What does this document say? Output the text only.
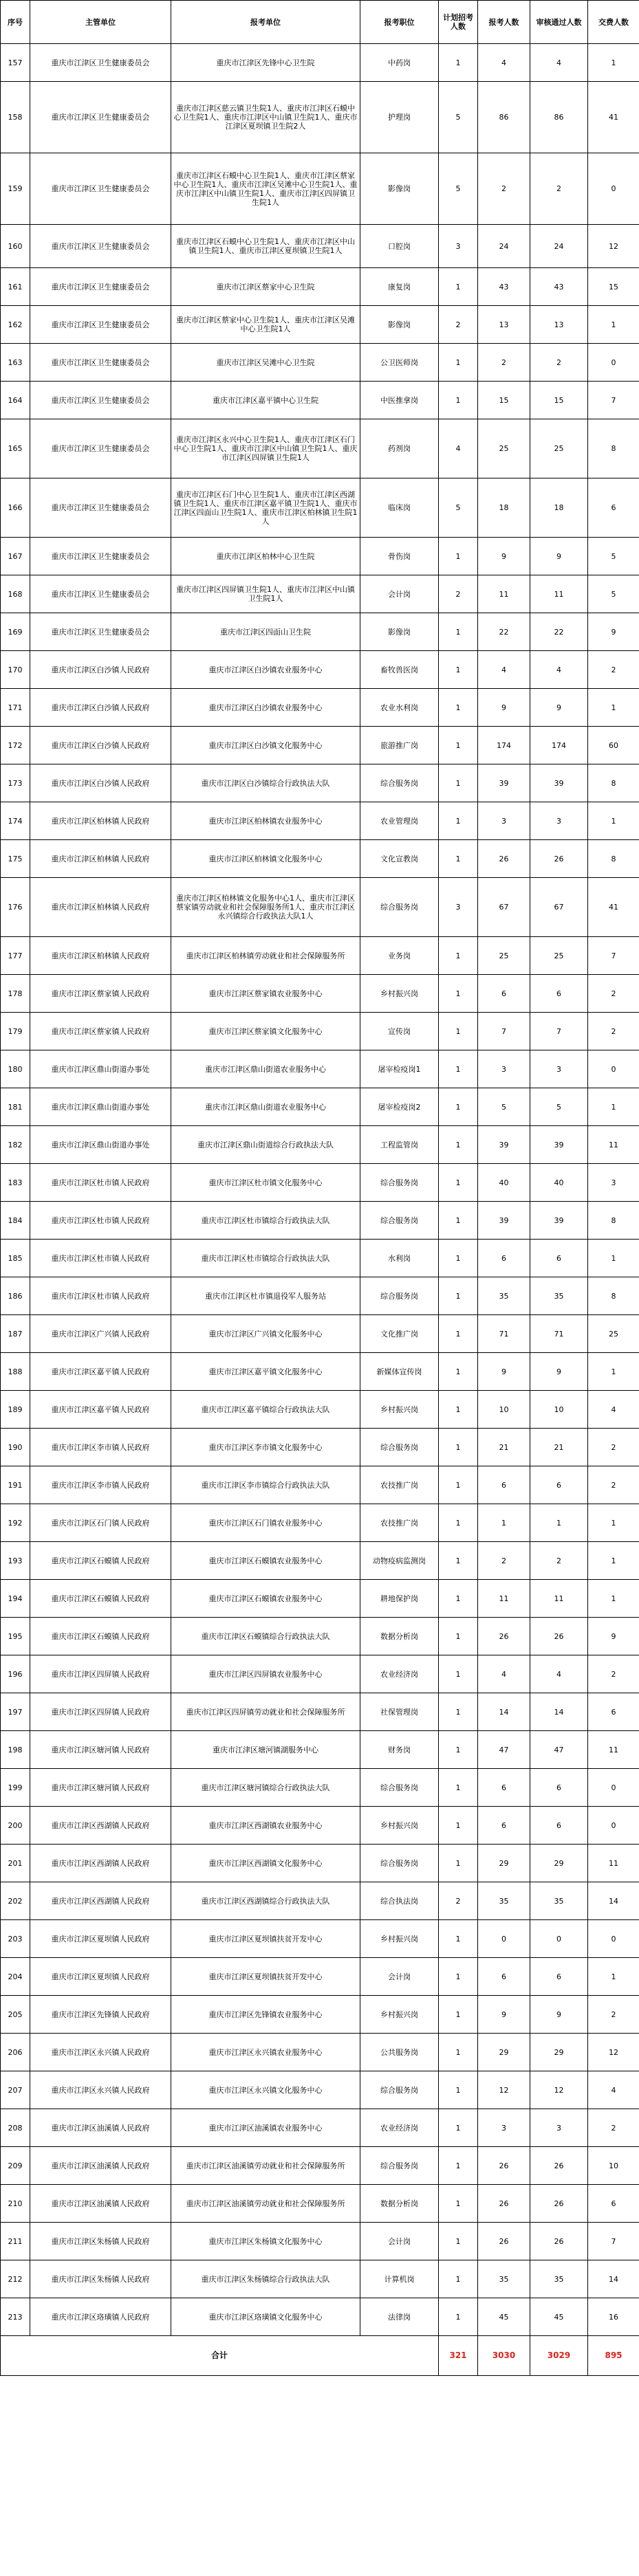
序号	主管单位	报考单位	报考职位	计划招考人数	报考人数	审核通过人数	交费人数
157	重庆市江津区卫生健康委员会	重庆市江津区先锋中心卫生院	中药岗	1	4	4	1
158	重庆市江津区卫生健康委员会	重庆市江津区慈云镇卫生院1人、重庆市江津区石蟆中心卫生院1人、重庆市江津区中山镇卫生院1人、重庆市江津区夏坝镇卫生院2人	护理岗	5	86	86	41
159	重庆市江津区卫生健康委员会	重庆市江津区石蟆中心卫生院1人、重庆市江津区蔡家中心卫生院1人、重庆市江津区吴滩中心卫生院1人、重庆市江津区中山镇卫生院1人、重庆市江津区四屏镇卫生院1人	影像岗	5	2	2	0
160	重庆市江津区卫生健康委员会	重庆市江津区石蟆中心卫生院1人、重庆市江津区中山镇卫生院1人、重庆市江津区夏坝镇卫生院1人	口腔岗	3	24	24	12
161	重庆市江津区卫生健康委员会	重庆市江津区蔡家中心卫生院	康复岗	1	43	43	15
162	重庆市江津区卫生健康委员会	重庆市江津区蔡家中心卫生院1人、重庆市江津区吴滩中心卫生院1人	影像岗	2	13	13	1
163	重庆市江津区卫生健康委员会	重庆市江津区吴滩中心卫生院	公卫医师岗	1	2	2	0
164	重庆市江津区卫生健康委员会	重庆市江津区嘉平镇中心卫生院	中医推拿岗	1	15	15	7
165	重庆市江津区卫生健康委员会	重庆市江津区永兴中心卫生院1人、重庆市江津区石门中心卫生院1人、重庆市江津区中山镇卫生院1人、重庆市江津区四屏镇卫生院1人	药剂岗	4	25	25	8
166	重庆市江津区卫生健康委员会	重庆市江津区石门中心卫生院1人、重庆市江津区西湖镇卫生院1人、重庆市江津区嘉平镇卫生院1人、重庆市江津区四面山卫生院1人、重庆市江津区柏林镇卫生院1人	临床岗	5	18	18	6
167	重庆市江津区卫生健康委员会	重庆市江津区柏林中心卫生院	骨伤岗	1	9	9	5
168	重庆市江津区卫生健康委员会	重庆市江津区四屏镇卫生院1人、重庆市江津区中山镇卫生院1人	会计岗	2	11	11	5
169	重庆市江津区卫生健康委员会	重庆市江津区四面山卫生院	影像岗	1	22	22	9
170	重庆市江津区白沙镇人民政府	重庆市江津区白沙镇农业服务中心	畜牧兽医岗	1	4	4	2
171	重庆市江津区白沙镇人民政府	重庆市江津区白沙镇农业服务中心	农业水利岗	1	9	9	1
172	重庆市江津区白沙镇人民政府	重庆市江津区白沙镇文化服务中心	旅游推广岗	1	174	174	60
173	重庆市江津区白沙镇人民政府	重庆市江津区白沙镇综合行政执法大队	综合服务岗	1	39	39	8
174	重庆市江津区柏林镇人民政府	重庆市江津区柏林镇农业服务中心	农业管理岗	1	3	3	1
175	重庆市江津区柏林镇人民政府	重庆市江津区柏林镇文化服务中心	文化宣教岗	1	26	26	8
176	重庆市江津区柏林镇人民政府	重庆市江津区柏林镇文化服务中心1人、重庆市江津区蔡家镇劳动就业和社会保障服务所1人、重庆市江津区永兴镇综合行政执法大队1人	综合服务岗	3	67	67	41
177	重庆市江津区柏林镇人民政府	重庆市江津区柏林镇劳动就业和社会保障服务所	业务岗	1	25	25	7
178	重庆市江津区蔡家镇人民政府	重庆市江津区蔡家镇农业服务中心	乡村振兴岗	1	6	6	2
179	重庆市江津区蔡家镇人民政府	重庆市江津区蔡家镇文化服务中心	宣传岗	1	7	7	2
180	重庆市江津区鼎山街道办事处	重庆市江津区鼎山街道农业服务中心	屠宰检疫岗1	1	3	3	0
181	重庆市江津区鼎山街道办事处	重庆市江津区鼎山街道农业服务中心	屠宰检疫岗2	1	5	5	1
182	重庆市江津区鼎山街道办事处	重庆市江津区鼎山街道综合行政执法大队	工程监管岗	1	39	39	11
183	重庆市江津区杜市镇人民政府	重庆市江津区杜市镇文化服务中心	综合服务岗	1	40	40	3
184	重庆市江津区杜市镇人民政府	重庆市江津区杜市镇综合行政执法大队	综合服务岗	1	39	39	8
185	重庆市江津区杜市镇人民政府	重庆市江津区杜市镇综合行政执法大队	水利岗	1	6	6	1
186	重庆市江津区杜市镇人民政府	重庆市江津区杜市镇退役军人服务站	综合服务岗	1	35	35	8
187	重庆市江津区广兴镇人民政府	重庆市江津区广兴镇文化服务中心	文化推广岗	1	71	71	25
188	重庆市江津区嘉平镇人民政府	重庆市江津区嘉平镇文化服务中心	新媒体宣传岗	1	9	9	1
189	重庆市江津区嘉平镇人民政府	重庆市江津区嘉平镇综合行政执法大队	乡村振兴岗	1	10	10	4
190	重庆市江津区李市镇人民政府	重庆市江津区李市镇文化服务中心	综合服务岗	1	21	21	2
191	重庆市江津区李市镇人民政府	重庆市江津区李市镇综合行政执法大队	农技推广岗	1	6	6	2
192	重庆市江津区石门镇人民政府	重庆市江津区石门镇农业服务中心	农技推广岗	1	1	1	1
193	重庆市江津区石蟆镇人民政府	重庆市江津区石蟆镇农业服务中心	动物疫病监测岗	1	2	2	1
194	重庆市江津区石蟆镇人民政府	重庆市江津区石蟆镇农业服务中心	耕地保护岗	1	11	11	1
195	重庆市江津区石蟆镇人民政府	重庆市江津区石蟆镇综合行政执法大队	数据分析岗	1	26	26	9
196	重庆市江津区四屏镇人民政府	重庆市江津区四屏镇农业服务中心	农业经济岗	1	4	4	2
197	重庆市江津区四屏镇人民政府	重庆市江津区四屏镇劳动就业和社会保障服务所	社保管理岗	1	14	14	6
198	重庆市江津区塘河镇人民政府	重庆市江津区塘河镇湖服务中心	财务岗	1	47	47	11
199	重庆市江津区塘河镇人民政府	重庆市江津区塘河镇综合行政执法大队	综合服务岗	1	6	6	0
200	重庆市江津区西湖镇人民政府	重庆市江津区西湖镇农业服务中心	乡村振兴岗	1	6	6	0
201	重庆市江津区西湖镇人民政府	重庆市江津区西湖镇文化服务中心	综合服务岗	1	29	29	11
202	重庆市江津区西湖镇人民政府	重庆市江津区西湖镇综合行政执法大队	综合执法岗	2	35	35	14
203	重庆市江津区夏坝镇人民政府	重庆市江津区夏坝镇扶贫开发中心	乡村振兴岗	1	0	0	0
204	重庆市江津区夏坝镇人民政府	重庆市江津区夏坝镇扶贫开发中心	会计岗	1	6	6	1
205	重庆市江津区先锋镇人民政府	重庆市江津区先锋镇农业服务中心	乡村振兴岗	1	9	9	2
206	重庆市江津区永兴镇人民政府	重庆市江津区永兴镇农业服务中心	公共服务岗	1	29	29	12
207	重庆市江津区永兴镇人民政府	重庆市江津区永兴镇文化服务中心	综合服务岗	1	12	12	4
208	重庆市江津区油溪镇人民政府	重庆市江津区油溪镇农业服务中心	农业经济岗	1	3	3	2
209	重庆市江津区油溪镇人民政府	重庆市江津区油溪镇劳动就业和社会保障服务所	综合服务岗	1	26	26	10
210	重庆市江津区油溪镇人民政府	重庆市江津区油溪镇劳动就业和社会保障服务所	数据分析岗	1	26	26	6
211	重庆市江津区朱杨镇人民政府	重庆市江津区朱杨镇文化服务中心	会计岗	1	26	26	7
212	重庆市江津区朱杨镇人民政府	重庆市江津区朱杨镇综合行政执法大队	计算机岗	1	35	35	14
213	重庆市江津区珞璜镇人民政府	重庆市江津区珞璜镇文化服务中心	法律岗	1	45	45	16
合计				321	3030	3029	895
